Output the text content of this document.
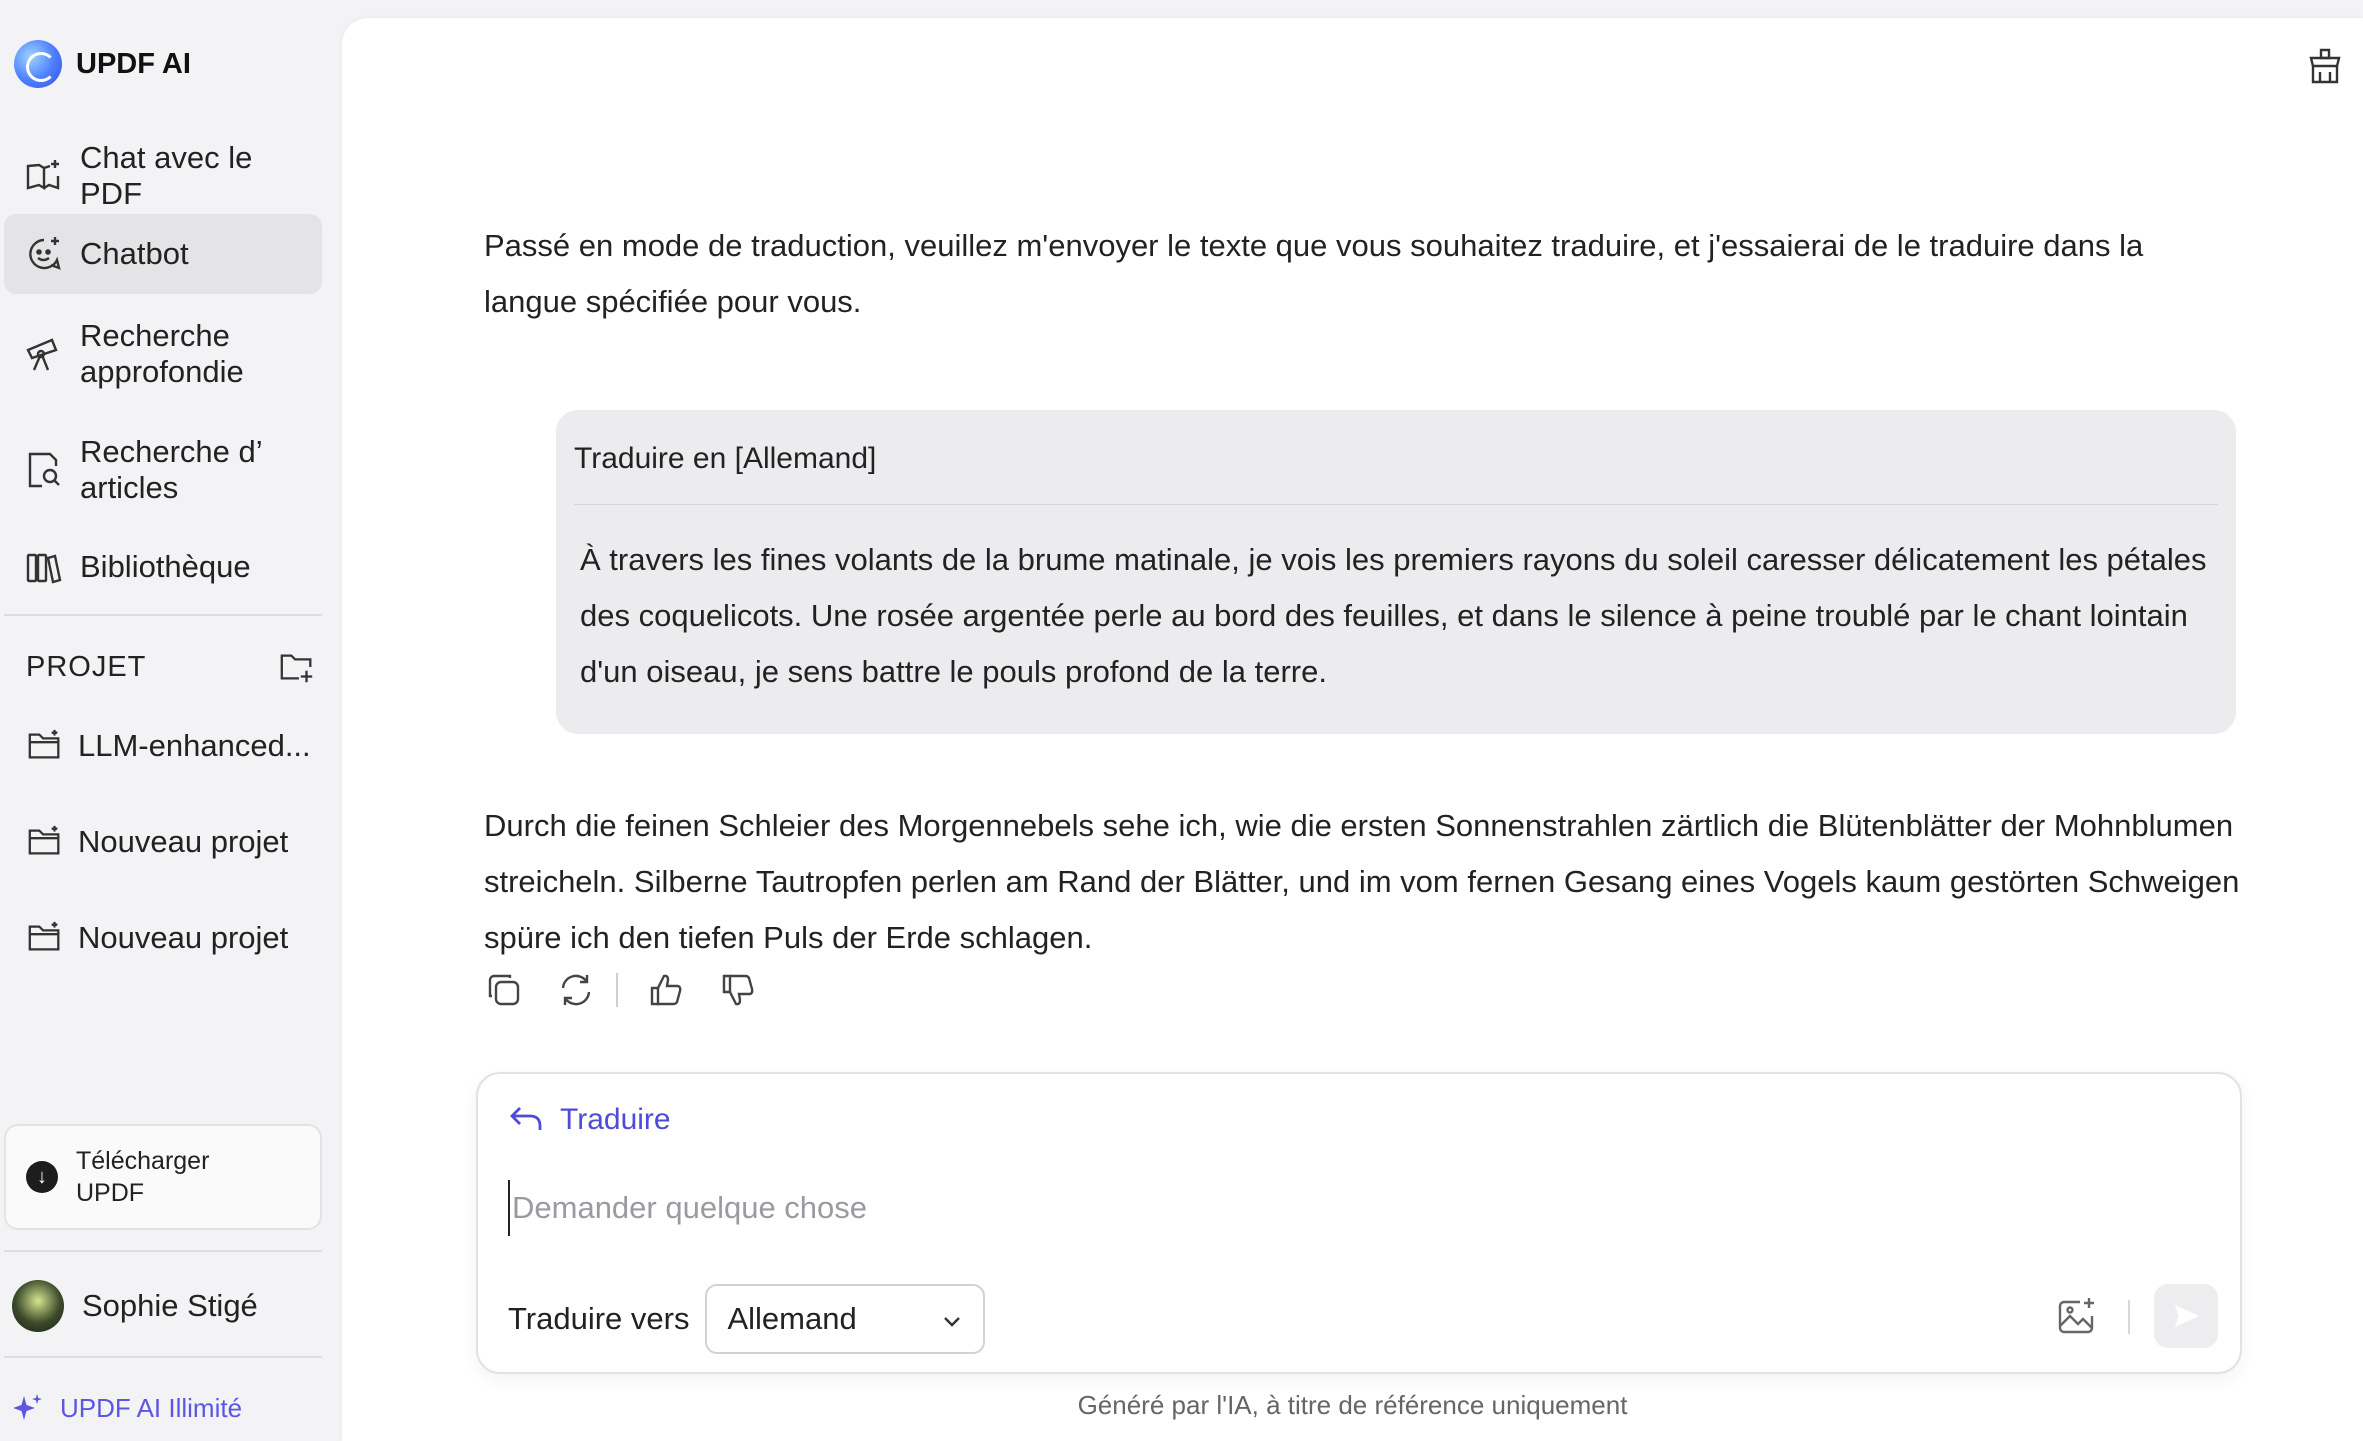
UPDF AI
Chat avec le PDF
Chatbot
Recherche approfondie
Recherche d’ articles
Bibliothèque
PROJET
LLM-enhanced...
Nouveau projet
Nouveau projet
↓
Télécharger UPDF
Sophie Stigé
UPDF AI Illimité

Passé en mode de traduction, veuillez m'envoyer le texte que vous souhaitez traduire, et j'essaierai de le traduire dans la langue spécifiée pour vous.

Traduire en [Allemand]

À travers les fines volants de la brume matinale, je vois les premiers rayons du soleil caresser délicatement les pétales des coquelicots. Une rosée argentée perle au bord des feuilles, et dans le silence à peine troublé par le chant lointain d'un oiseau, je sens battre le pouls profond de la terre.

Durch die feinen Schleier des Morgennebels sehe ich, wie die ersten Sonnenstrahlen zärtlich die Blütenblätter der Mohnblumen streicheln. Silberne Tautropfen perlen am Rand der Blätter, und im vom fernen Gesang eines Vogels kaum gestörten Schweigen spüre ich den tiefen Puls der Erde schlagen.

Traduire
Demander quelque chose
Traduire vers Allemand
Généré par l'IA, à titre de référence uniquement
